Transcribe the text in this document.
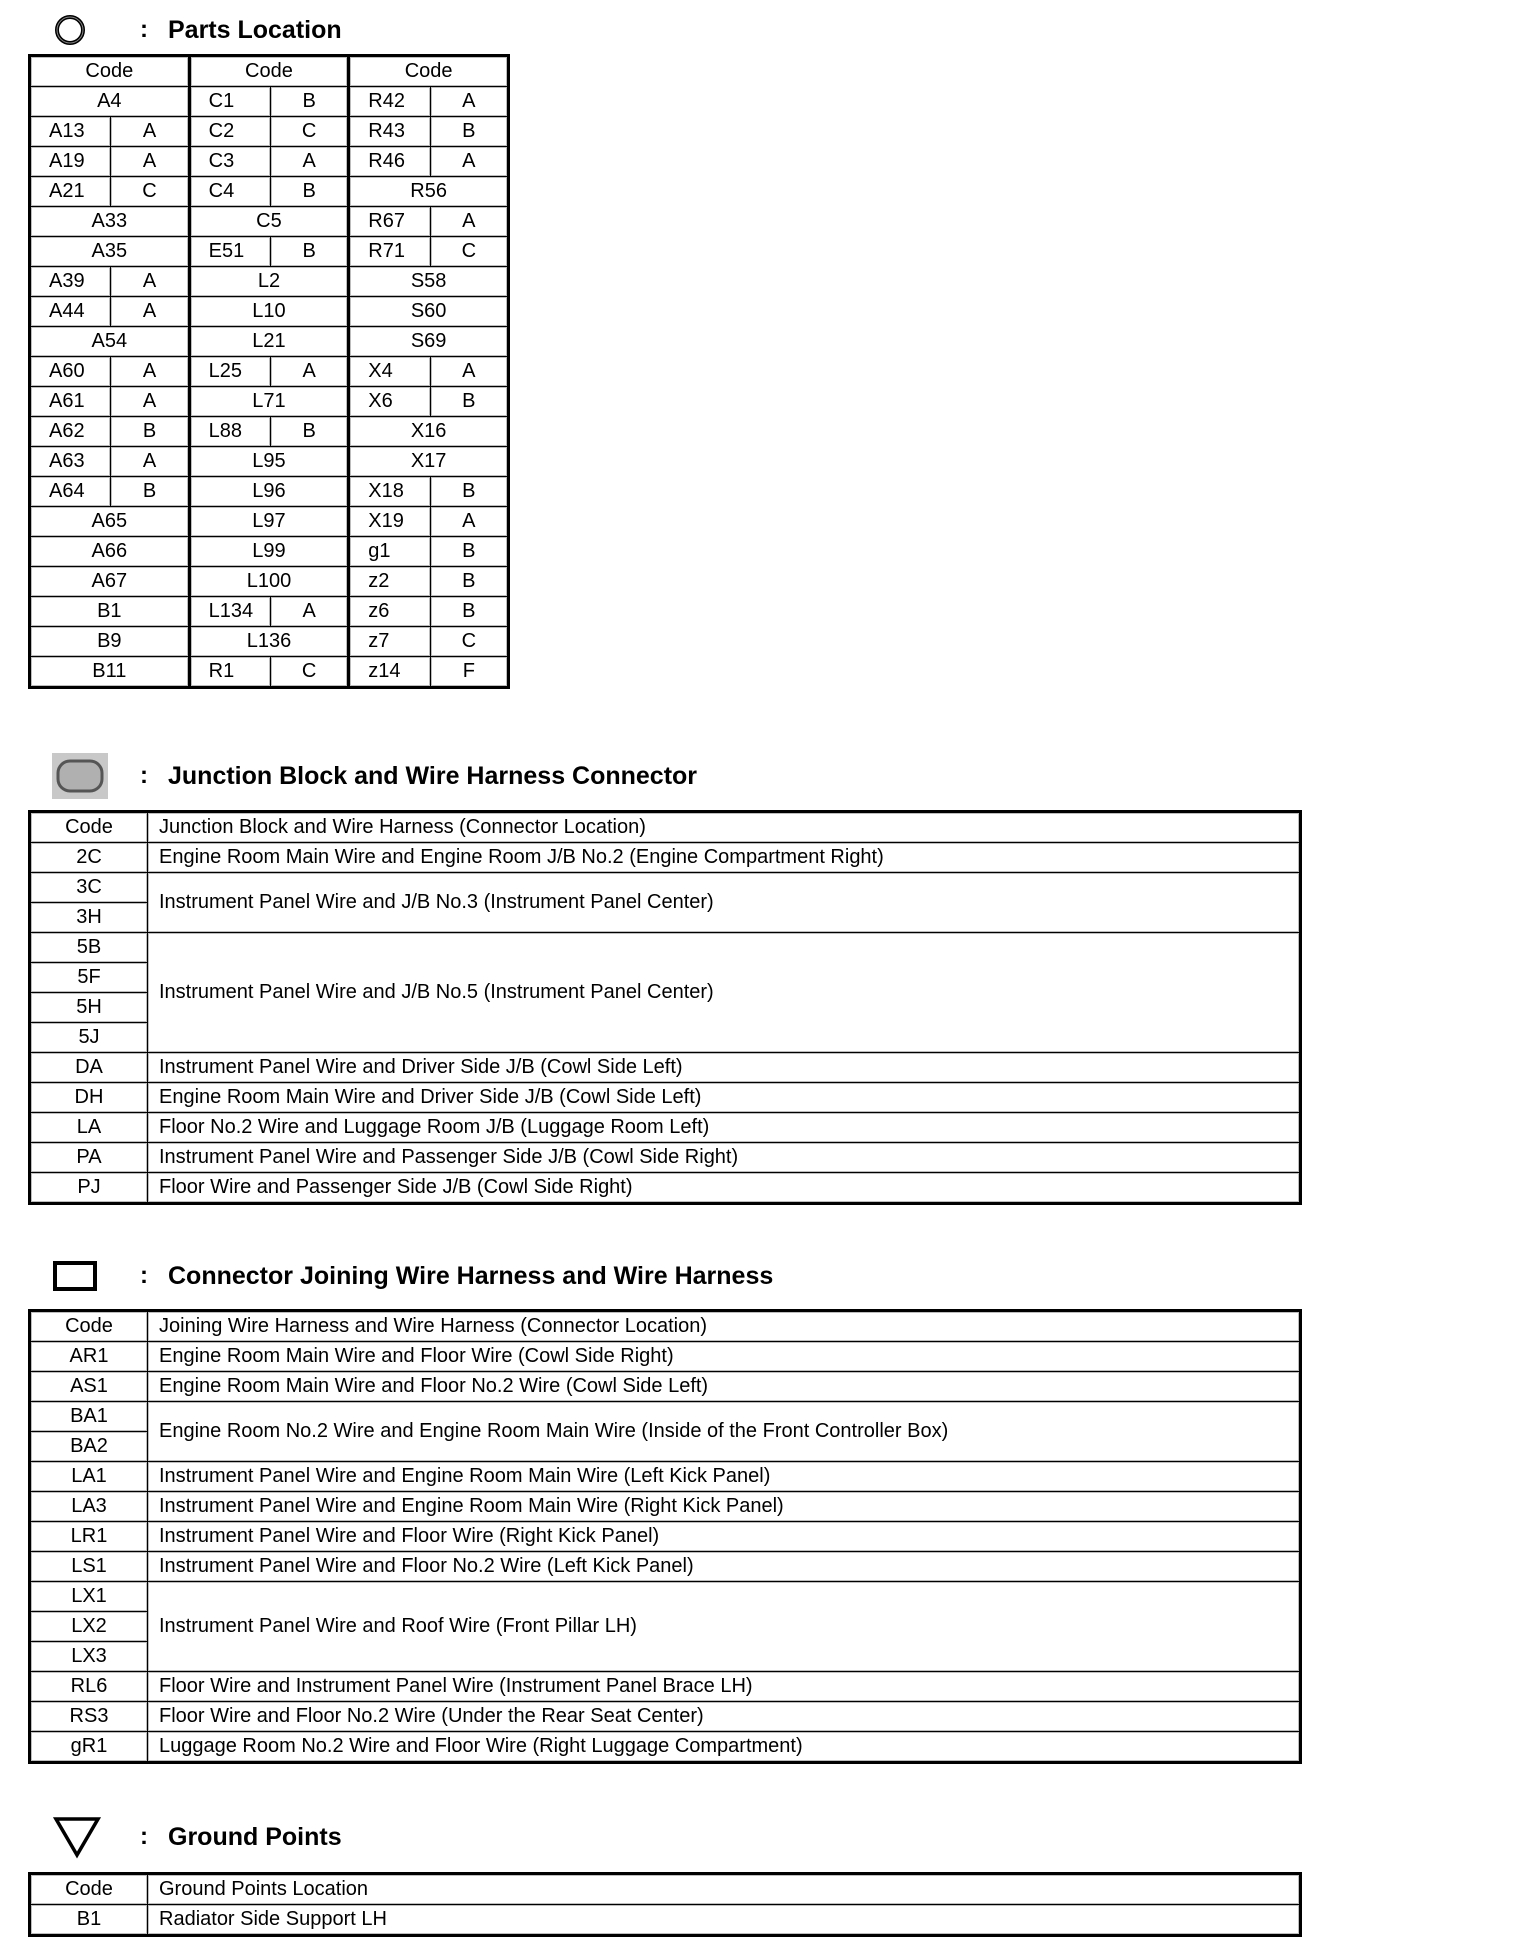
: Parts Location
Code		Code		Code	
A4		C1	B	R42	A
A13	A	C2	C	R43	B
A19	A	C3	A	R46	A
A21	C	C4	B	R56	
A33		C5		R67	A
A35		E51	B	R71	C
A39	A	L2		S58	
A44	A	L10		S60	
A54		L21		S69	
A60	A	L25	A	X4	A
A61	A	L71		X6	B
A62	B	L88	B	X16	
A63	A	L95		X17	
A64	B	L96		X18	B
A65		L97		X19	A
A66		L99		g1	B
A67		L100		z2	B
B1		L134	A	z6	B
B9		L136		z7	C
B11		R1	C	z14	F
: Junction Block and Wire Harness Connector
Code	Junction Block and Wire Harness (Connector Location)
2C	Engine Room Main Wire and Engine Room J/B No.2 (Engine Compartment Right)
3C	Instrument Panel Wire and J/B No.3 (Instrument Panel Center)
3H	
5B	Instrument Panel Wire and J/B No.5 (Instrument Panel Center)
5F	
5H	
5J	
DA	Instrument Panel Wire and Driver Side J/B (Cowl Side Left)
DH	Engine Room Main Wire and Driver Side J/B (Cowl Side Left)
LA	Floor No.2 Wire and Luggage Room J/B (Luggage Room Left)
PA	Instrument Panel Wire and Passenger Side J/B (Cowl Side Right)
PJ	Floor Wire and Passenger Side J/B (Cowl Side Right)
: Connector Joining Wire Harness and Wire Harness
Code	Joining Wire Harness and Wire Harness (Connector Location)
AR1	Engine Room Main Wire and Floor Wire (Cowl Side Right)
AS1	Engine Room Main Wire and Floor No.2 Wire (Cowl Side Left)
BA1	Engine Room No.2 Wire and Engine Room Main Wire (Inside of the Front Controller Box)
BA2	
LA1	Instrument Panel Wire and Engine Room Main Wire (Left Kick Panel)
LA3	Instrument Panel Wire and Engine Room Main Wire (Right Kick Panel)
LR1	Instrument Panel Wire and Floor Wire (Right Kick Panel)
LS1	Instrument Panel Wire and Floor No.2 Wire (Left Kick Panel)
LX1	Instrument Panel Wire and Roof Wire (Front Pillar LH)
LX2	
LX3	
RL6	Floor Wire and Instrument Panel Wire (Instrument Panel Brace LH)
RS3	Floor Wire and Floor No.2 Wire (Under the Rear Seat Center)
gR1	Luggage Room No.2 Wire and Floor Wire (Right Luggage Compartment)
: Ground Points
Code	Ground Points Location
B1	Radiator Side Support LH
